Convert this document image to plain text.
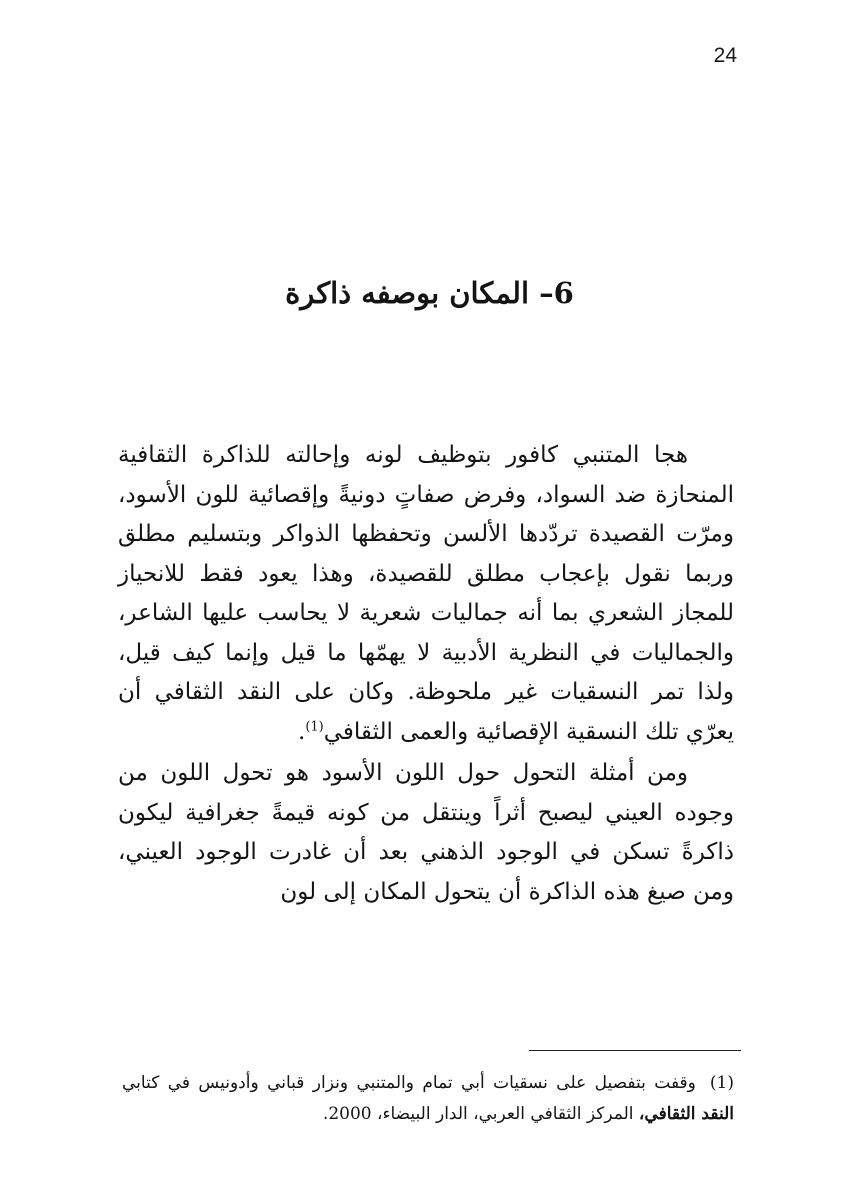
24
6– المكان بوصفه ذاكرة

هجا المتنبي كافور بتوظيف لونه وإحالته للذاكرة الثقافية المنحازة ضد السواد، وفرض صفاتٍ دونيةً وإقصائية للون الأسود، ومرّت القصيدة تردّدها الألسن وتحفظها الذواكر وبتسليم مطلق وربما نقول بإعجاب مطلق للقصيدة، وهذا يعود فقط للانحياز للمجاز الشعري بما أنه جماليات شعرية لا يحاسب عليها الشاعر، والجماليات في النظرية الأدبية لا يهمّها ما قيل وإنما كيف قيل، ولذا تمر النسقيات غير ملحوظة. وكان على النقد الثقافي أن يعرّي تلك النسقية الإقصائية والعمى الثقافي$^{(1)}$.

ومن أمثلة التحول حول اللون الأسود هو تحول اللون من وجوده العيني ليصبح أثراً وينتقل من كونه قيمةً جغرافية ليكون ذاكرةً تسكن في الوجود الذهني بعد أن غادرت الوجود العيني، ومن صيغ هذه الذاكرة أن يتحول المكان إلى لون

(1)وقفت بتفصيل على نسقيات أبي تمام والمتنبي ونزار قباني وأدونيس في كتابي النقد الثقافي، المركز الثقافي العربي، الدار البيضاء، 2000.
